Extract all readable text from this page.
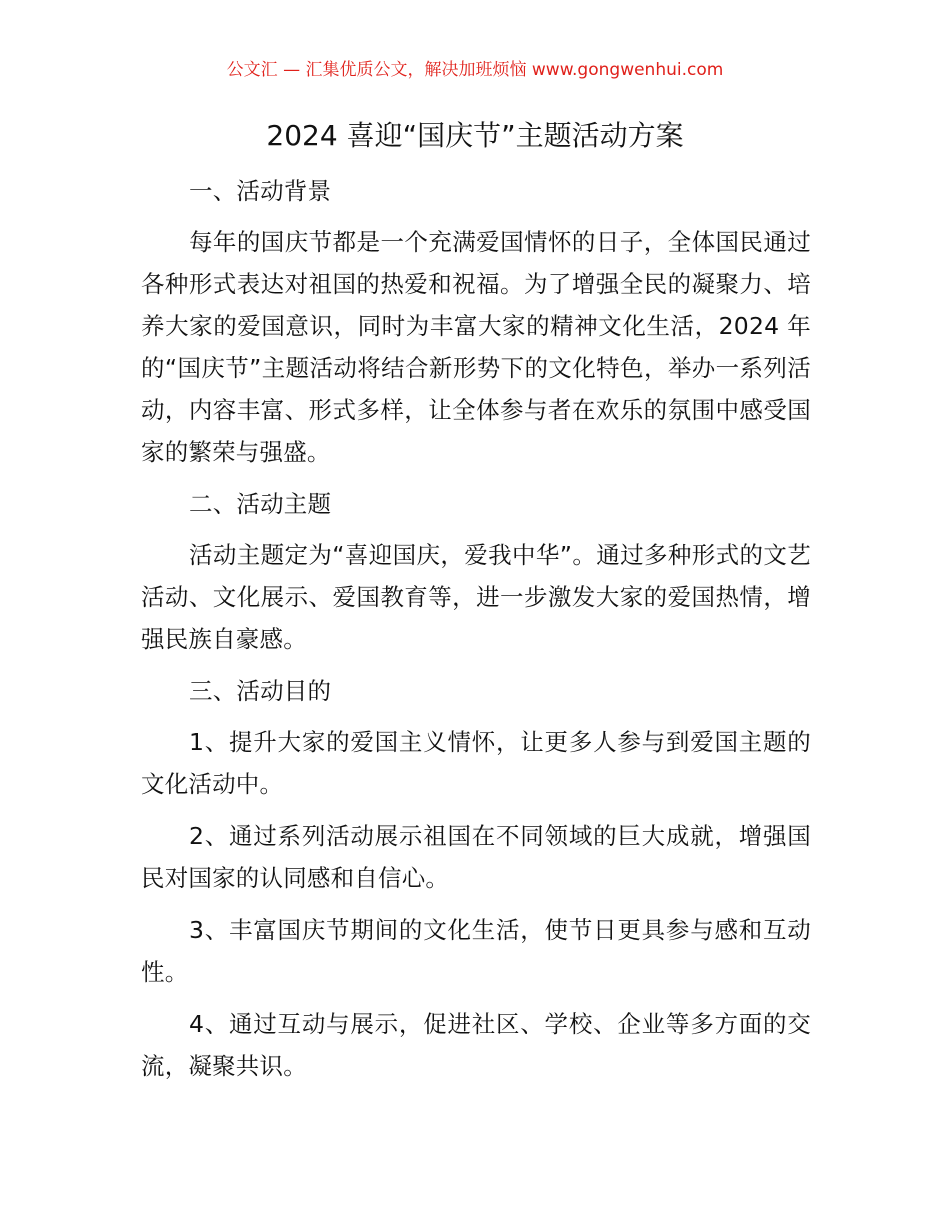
公文汇 — 汇集优质公文，解决加班烦恼 www.gongwenhui.com
2024 喜迎“国庆节”主题活动方案

一、活动背景

每年的国庆节都是一个充满爱国情怀的日子，全体国民通过各种形式表达对祖国的热爱和祝福。为了增强全民的凝聚力、培养大家的爱国意识，同时为丰富大家的精神文化生活，2024 年的“国庆节”主题活动将结合新形势下的文化特色，举办一系列活动，内容丰富、形式多样，让全体参与者在欢乐的氛围中感受国家的繁荣与强盛。

二、活动主题

活动主题定为“喜迎国庆，爱我中华”。通过多种形式的文艺活动、文化展示、爱国教育等，进一步激发大家的爱国热情，增强民族自豪感。

三、活动目的

1、提升大家的爱国主义情怀，让更多人参与到爱国主题的文化活动中。

2、通过系列活动展示祖国在不同领域的巨大成就，增强国民对国家的认同感和自信心。

3、丰富国庆节期间的文化生活，使节日更具参与感和互动性。

4、通过互动与展示，促进社区、学校、企业等多方面的交流，凝聚共识。
